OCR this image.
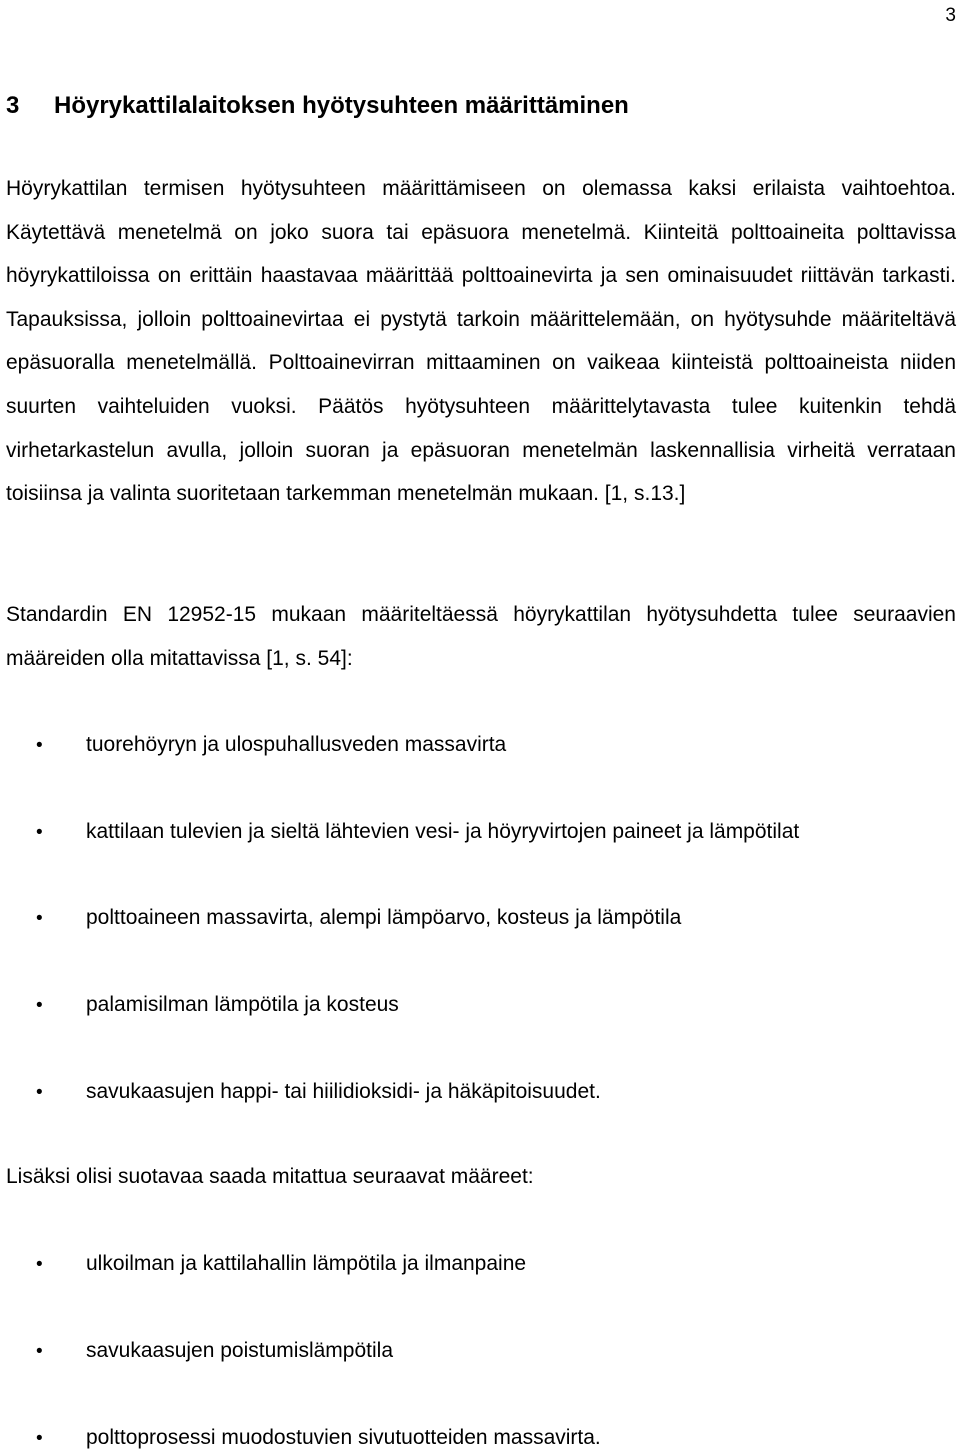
3
3 Höyrykattilalaitoksen hyötysuhteen määrittäminen

Höyrykattilan termisen hyötysuhteen määrittämiseen on olemassa kaksi erilaista vaihtoehtoa. Käytettävä menetelmä on joko suora tai epäsuora menetelmä. Kiinteitä polttoaineita polttavissa höyrykattiloissa on erittäin haastavaa määrittää polttoainevirta ja sen ominaisuudet riittävän tarkasti. Tapauksissa, jolloin polttoainevirtaa ei pystytä tarkoin määrittelemään, on hyötysuhde määriteltävä epäsuoralla menetelmällä. Polttoainevirran mittaaminen on vaikeaa kiinteistä polttoaineista niiden suurten vaihteluiden vuoksi. Päätös hyötysuhteen määrittelytavasta tulee kuitenkin tehdä virhetarkastelun avulla, jolloin suoran ja epäsuoran menetelmän laskennallisia virheitä verrataan toisiinsa ja valinta suoritetaan tarkemman menetelmän mukaan. [1, s.13.]

Standardin EN 12952-15 mukaan määriteltäessä höyrykattilan hyötysuhdetta tulee seuraavien määreiden olla mitattavissa [1, s. 54]:

• tuorehöyryn ja ulospuhallusveden massavirta
• kattilaan tulevien ja sieltä lähtevien vesi- ja höyryvirtojen paineet ja lämpötilat
• polttoaineen massavirta, alempi lämpöarvo, kosteus ja lämpötila
• palamisilman lämpötila ja kosteus
• savukaasujen happi- tai hiilidioksidi- ja häkäpitoisuudet.

Lisäksi olisi suotavaa saada mitattua seuraavat määreet:

• ulkoilman ja kattilahallin lämpötila ja ilmanpaine
• savukaasujen poistumislämpötila
• polttoprosessi muodostuvien sivutuotteiden massavirta.
